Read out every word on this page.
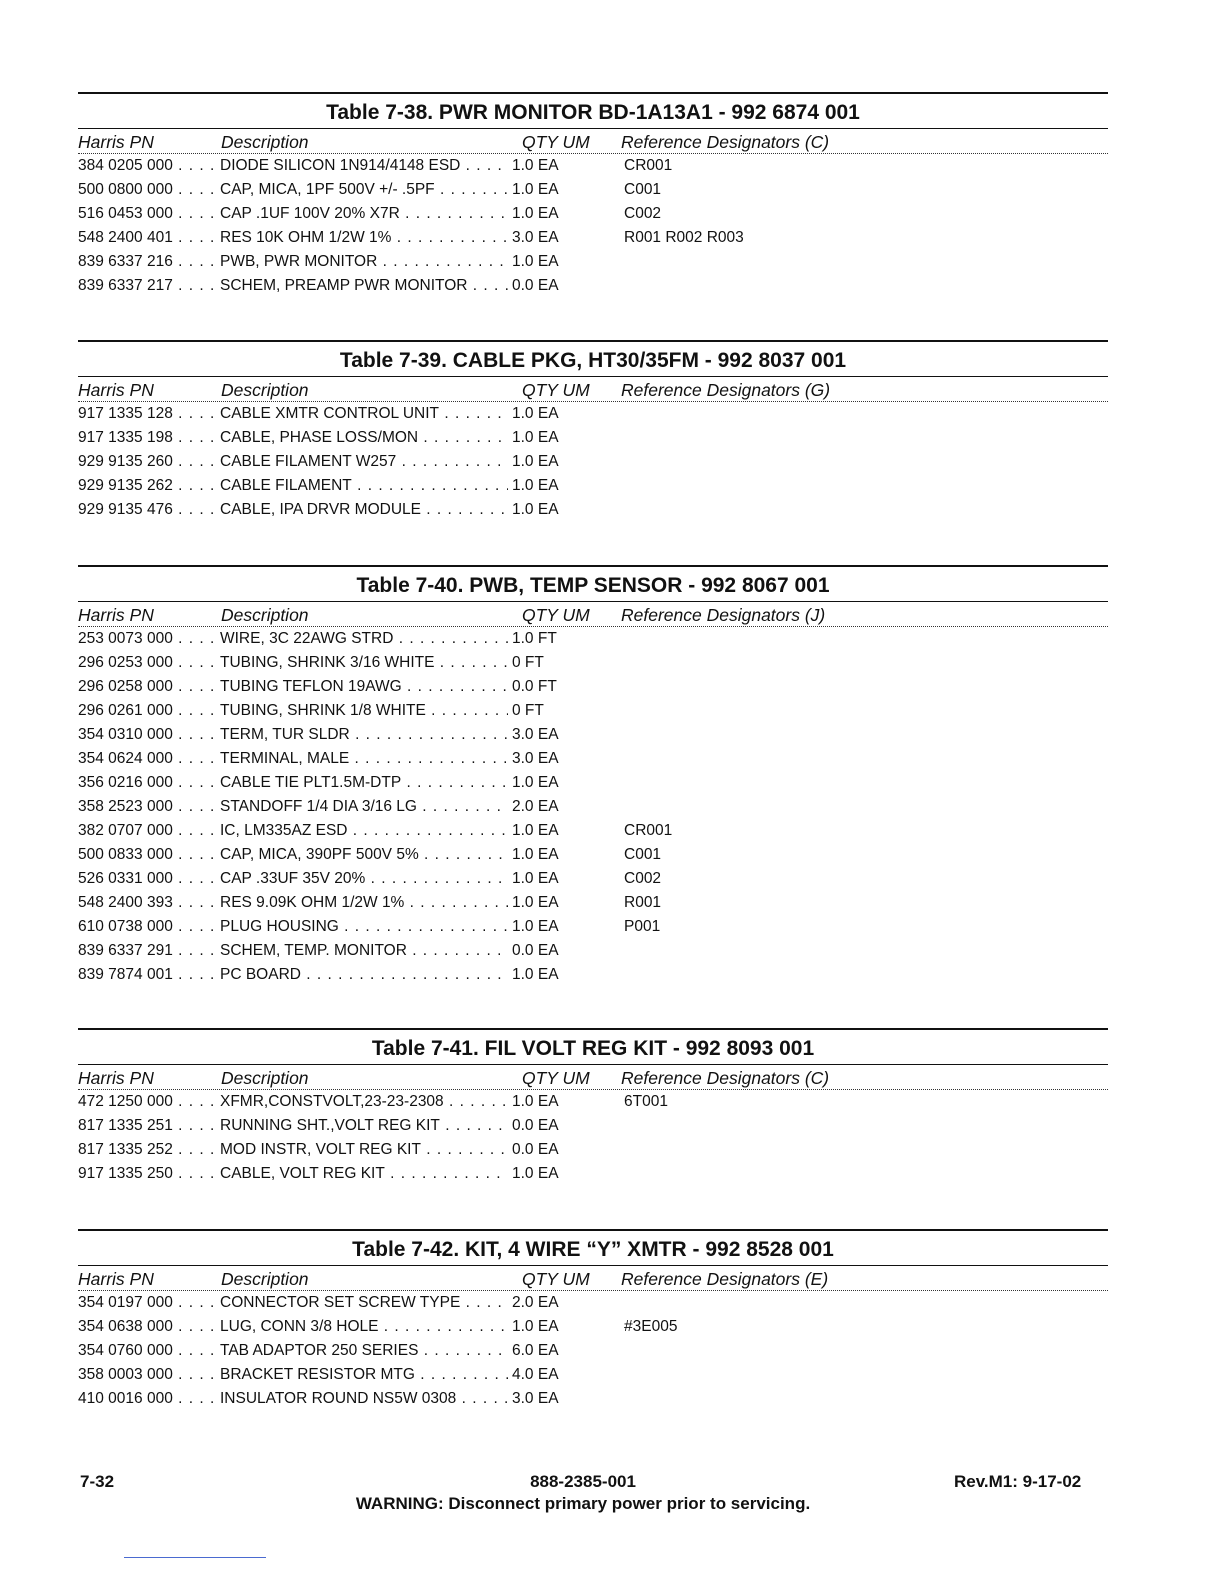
Table 7-38. PWR MONITOR BD-1A13A1 - 992 6874 001
Harris PN	Description	QTY UM Reference Designators (C)
384 0205 000 . . .	DIODE SILICON 1N914/4148 ESD . . .	1.0 EA	CR001
500 0800 000 . . .	CAP, MICA, 1PF 500V +/- .5PF . . .	1.0 EA	C001
516 0453 000 . . .	CAP .1UF 100V 20% X7R . . .	1.0 EA	C002
548 2400 401 . . .	RES 10K OHM 1/2W 1% . . .	3.0 EA	R001 R002 R003
839 6337 216 . . .	PWB, PWR MONITOR . . .	1.0 EA
839 6337 217 . . .	SCHEM, PREAMP PWR MONITOR . . .	0.0 EA
Table 7-39. CABLE PKG, HT30/35FM - 992 8037 001
Harris PN	Description	QTY UM Reference Designators (G)
917 1335 128 . . .	CABLE XMTR CONTROL UNIT . . .	1.0 EA
917 1335 198 . . .	CABLE, PHASE LOSS/MON . . .	1.0 EA
929 9135 260 . . .	CABLE FILAMENT W257 . . .	1.0 EA
929 9135 262 . . .	CABLE FILAMENT . . .	1.0 EA
929 9135 476 . . .	CABLE, IPA DRVR MODULE . . .	1.0 EA
Table 7-40. PWB, TEMP SENSOR - 992 8067 001
Harris PN	Description	QTY UM Reference Designators (J)
253 0073 000 . . .	WIRE, 3C 22AWG STRD . . .	1.0 FT
296 0253 000 . . .	TUBING, SHRINK 3/16 WHITE . . .	0 FT
296 0258 000 . . .	TUBING TEFLON 19AWG . . .	0.0 FT
296 0261 000 . . .	TUBING, SHRINK 1/8 WHITE . . .	0 FT
354 0310 000 . . .	TERM, TUR SLDR . . .	3.0 EA
354 0624 000 . . .	TERMINAL, MALE . . .	3.0 EA
356 0216 000 . . .	CABLE TIE PLT1.5M-DTP . . .	1.0 EA
358 2523 000 . . .	STANDOFF 1/4 DIA 3/16 LG . . .	2.0 EA
382 0707 000 . . .	IC, LM335AZ ESD . . .	1.0 EA	CR001
500 0833 000 . . .	CAP, MICA, 390PF 500V 5% . . .	1.0 EA	C001
526 0331 000 . . .	CAP .33UF 35V 20% . . .	1.0 EA	C002
548 2400 393 . . .	RES 9.09K OHM 1/2W 1% . . .	1.0 EA	R001
610 0738 000 . . .	PLUG HOUSING . . .	1.0 EA	P001
839 6337 291 . . .	SCHEM, TEMP. MONITOR . . .	0.0 EA
839 7874 001 . . .	PC BOARD . . .	1.0 EA
Table 7-41. FIL VOLT REG KIT - 992 8093 001
Harris PN	Description	QTY UM Reference Designators (C)
472 1250 000 . . .	XFMR,CONSTVOLT,23-23-2308 . . .	1.0 EA	6T001
817 1335 251 . . .	RUNNING SHT.,VOLT REG KIT . . .	0.0 EA
817 1335 252 . . .	MOD INSTR, VOLT REG KIT . . .	0.0 EA
917 1335 250 . . .	CABLE, VOLT REG KIT . . .	1.0 EA
Table 7-42. KIT, 4 WIRE “Y” XMTR - 992 8528 001
Harris PN	Description	QTY UM Reference Designators (E)
354 0197 000 . . .	CONNECTOR SET SCREW TYPE . . .	2.0 EA
354 0638 000 . . .	LUG, CONN 3/8 HOLE . . .	1.0 EA	#3E005
354 0760 000 . . .	TAB ADAPTOR 250 SERIES . . .	6.0 EA
358 0003 000 . . .	BRACKET RESISTOR MTG . . .	4.0 EA
410 0016 000 . . .	INSULATOR ROUND NS5W 0308 . . .	3.0 EA
7-32	888-2385-001	Rev.M1: 9-17-02
WARNING: Disconnect primary power prior to servicing.
